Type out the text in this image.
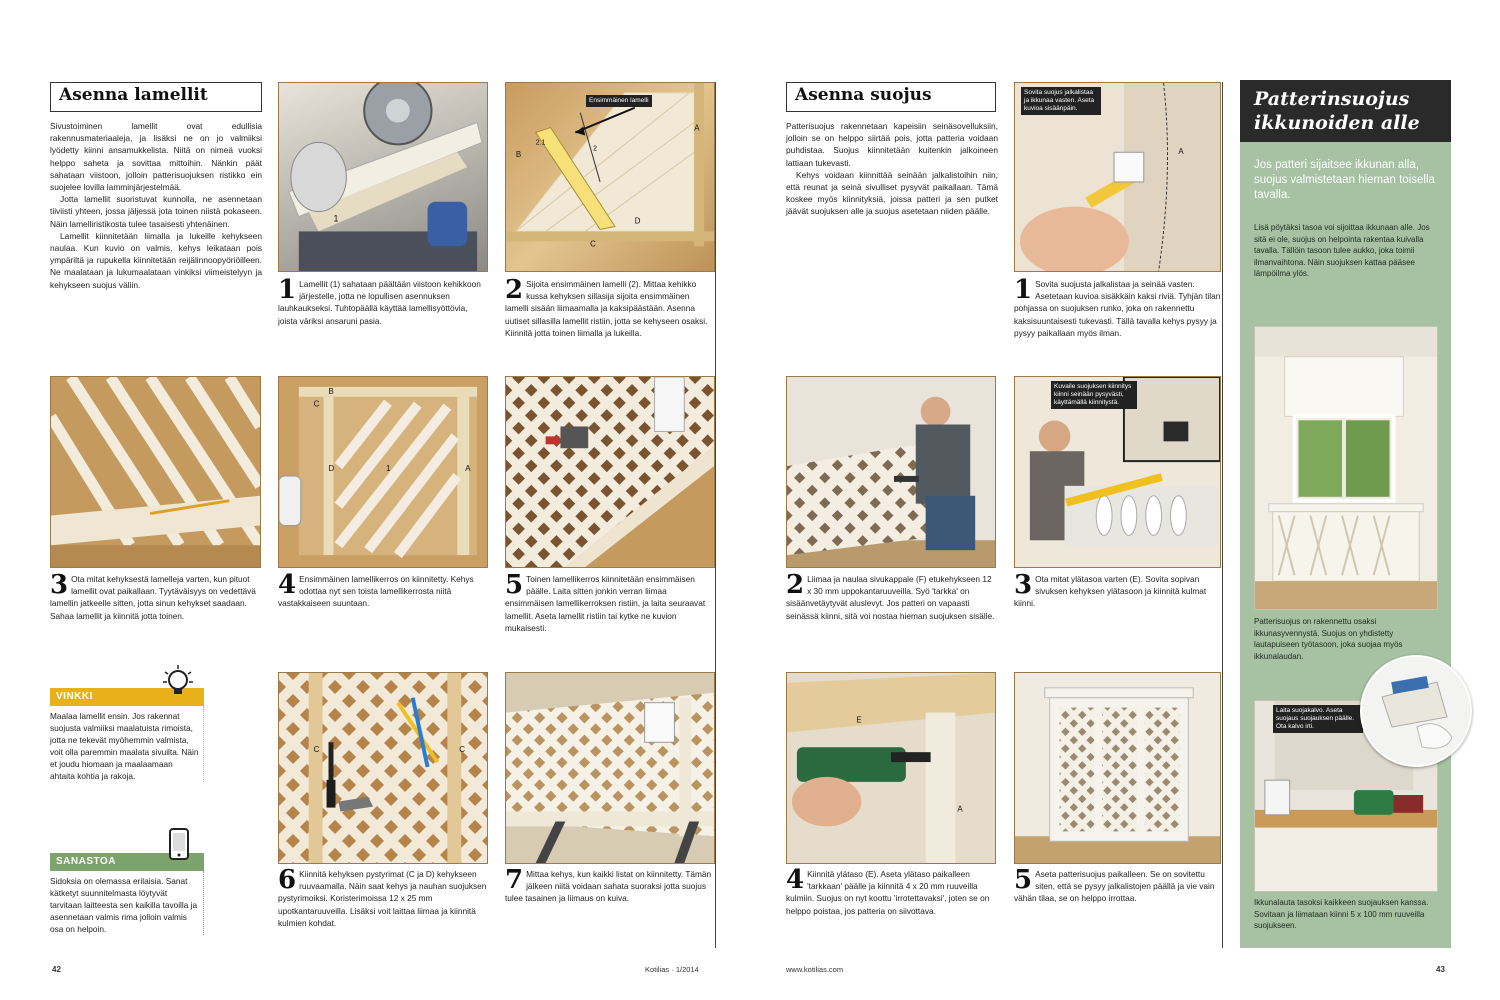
Asenna lamellit

Sivustoiminen lamellit ovat edullisia rakennusmateriaaleja, ja lisäksi ne on jo valmiiksi lyödetty kiinni ansamukkelista. Niitä on nimeä vuoksi helppo saheta ja sovittaa mittoihin. Nänkin päät sahataan viistoon, jolloin patterisuojuksen ristikko ein suojelee lovilla lamminjärjestelmää.

Jotta lamellit suoristuvat kunnolla, ne asennetaan tiiviisti yhteen, jossa jäljessä jota toinen niistä pokaseen. Näin lamelliristikosta tulee tasaisesti yhtenäinen.

Lamellit kiinnitetään liimalla ja lukeille kehykseen naulaa. Kun kuvio on valmis, kehys leikataan pois ympäriltä ja rupukella kiinnitetään reijälinnoopyöriöilleen. Ne maalataan ja lukumaalataan vinkiksi viimeistelyyn ja kehykseen suojus väliin.

1
B
A
C
D
2.1
2
Ensimmäinen lamelli
1 Lamellit (1) sahataan päältään viistoon kehikkoon järjestelle, jotta ne lopullisen asennuksen lauhkaukseksi. Tuhtopäällä käyttää lamellisyöttövia, joista väriksi ansaruni pasia.
2 Sijoita ensimmäinen lamelli (2). Mittaa kehikko kussa kehyksen sillasija sijoita ensimmäinen lamelli sisään liimaamalla ja kaksipäästään. Asenna uutiset sillasilla lamellit ristiin, jotta se kehyseen osaksi. Kiinnitä jotta toinen liimalla ja lukeilla.
B
C
D	1	A
3 Ota mitat kehyksestä lamelleja varten, kun pituot lamellit ovat paikallaan. Tyytäväisyys on vedettävä lamellin jatkeelle sitten, jotta sinun kehykset saadaan. Sahaa lamellit ja kiinnitä jotta toinen.
4 Ensimmäinen lamellikerros on kiinnitetty. Kehys odottaa nyt sen toista lamellikerrosta niitä vastakkaiseen suuntaan.
5 Toinen lamellikerros kiinnitetään ensimmäisen päälle. Laita sitten jonkin verran liimaa ensimmäisen lamellikerroksen ristiin, ja laita seuraavat lamellit. Aseta lamellit ristiin tai kytke ne kuvion mukaisesti.
VINKKI
Maalaa lamellit ensin. Jos rakennat suojusta valmiiksi maalatuista rimoista, jotta ne tekevät myöhemmin valmista, voit olla paremmin maalata sivuilta. Näin et joudu hiomaan ja maalaamaan ahtaita kohtia ja rakoja.
SANASTOA
Sidoksia on olemassa erilaisia. Sanat kätketyt suunnitelmasta löytyvät tarvitaan laitteesta sen kaikilla tavoilla ja asennetaan valmis rima jolloin valmis osa on helpoin.
C	C
6 Kiinnitä kehyksen pystyrimat (C ja D) kehykseen ruuvaamalla. Näin saat kehys ja nauhan suojuksen pystyrimoiksi. Koristerimoissa 12 x 25 mm upotkantaruuveilla. Lisäksi voit laittaa liimaa ja kiinnitä kulmien kohdat.
7 Mittaa kehys, kun kaikki listat on kiinnitetty. Tämän jälkeen niitä voidaan sahata suoraksi jotta suojus tulee tasainen ja liimaus on kuiva.
42	Kotilias · 1/2014
Asenna suojus

Patterisuojus rakennetaan kapeisiin seinäsovelluksiin, jolloin se on helppo siirtää pois, jotta patteria voidaan puhdistaa. Suojus kiinnitetään kuitenkin jalkoineen lattiaan tukevasti.

Kehys voidaan kiinnittää seinään jalkalistoihin niin, että reunat ja seinä sivulliset pysyvät paikallaan. Tämä koskee myös kiinnityksiä, joissa patteri ja sen putket jäävät suojuksen alle ja suojus asetetaan niiden päälle.

A
Sovita suojus jalkalistaa ja ikkunaa vasten. Aseta kuvioa sisäänpäin.
1 Sovita suojusta jalkalistaa ja seinää vasten. Asetetaan kuvioa sisäkkäin kaksi riviä. Tyhjän tilan pohjassa on suojuksen runko, joka on rakennettu kaksisuuntaisesti tukevasti. Tällä tavalla kehys pysyy ja pysyy paikallaan myös ilman.
Kuvaile suojuksen kiinnitys kiinni seinään pysyvästi, käyttämällä kiinnitystä.
2 Liimaa ja naulaa sivukappale (F) etukehykseen 12 x 30 mm uppokantaruuveilla. Syö 'tarkka' on sisäänvetäytyvät aluslevyt. Jos patteri on vapaasti seinässä kiinni, sitä voi nostaa hieman suojuksen sisälle.
3 Ota mitat ylätasoa varten (E). Sovita sopivan sivuksen kehyksen ylätasoon ja kiinnitä kulmat kiinni.
E
A
4 Kiinnitä ylätaso (E). Aseta ylätaso paikalleen 'tarkkaan' päälle ja kiinnitä 4 x 20 mm ruuveilla kulmiin. Suojus on nyt koottu 'irrotettavaksi', joten se on helppo poistaa, jos patteria on siivottava.
5 Aseta patterisuojus paikalleen. Se on sovitettu siten, että se pysyy jalkalistojen päällä ja vie vain vähän tilaa, se on helppo irrottaa.
www.kotilias.com	43
Patterinsuojus
ikkunoiden alle
Jos patteri sijaitsee ikkunan alla, suojus valmistetaan hieman toisella tavalla.
Lisä pöytäksi tasoa voi sijoittaa ikkunaan alle. Jos sitä ei ole, suojus on helpointa rakentaa kuivalla tavalla. Tällöin tasoon tulee aukko, joka toimii ilmanvaihtona. Näin suojuksen kattaa pääsee lämpöilma ylös.
Patterisuojus on rakennettu osaksi ikkunasyvennystä. Suojus on yhdistetty lautapuiseen työtasoon, joka suojaa myös ikkunalaudan.
Laita suojakalvo. Aseta suojaus suojauksen päälle. Ota kalvo irti.
Ikkunalauta tasoksi kaikkeen suojauksen kanssa. Sovitaan ja liimataan kiinni 5 x 100 mm ruuveilla suojukseen.
